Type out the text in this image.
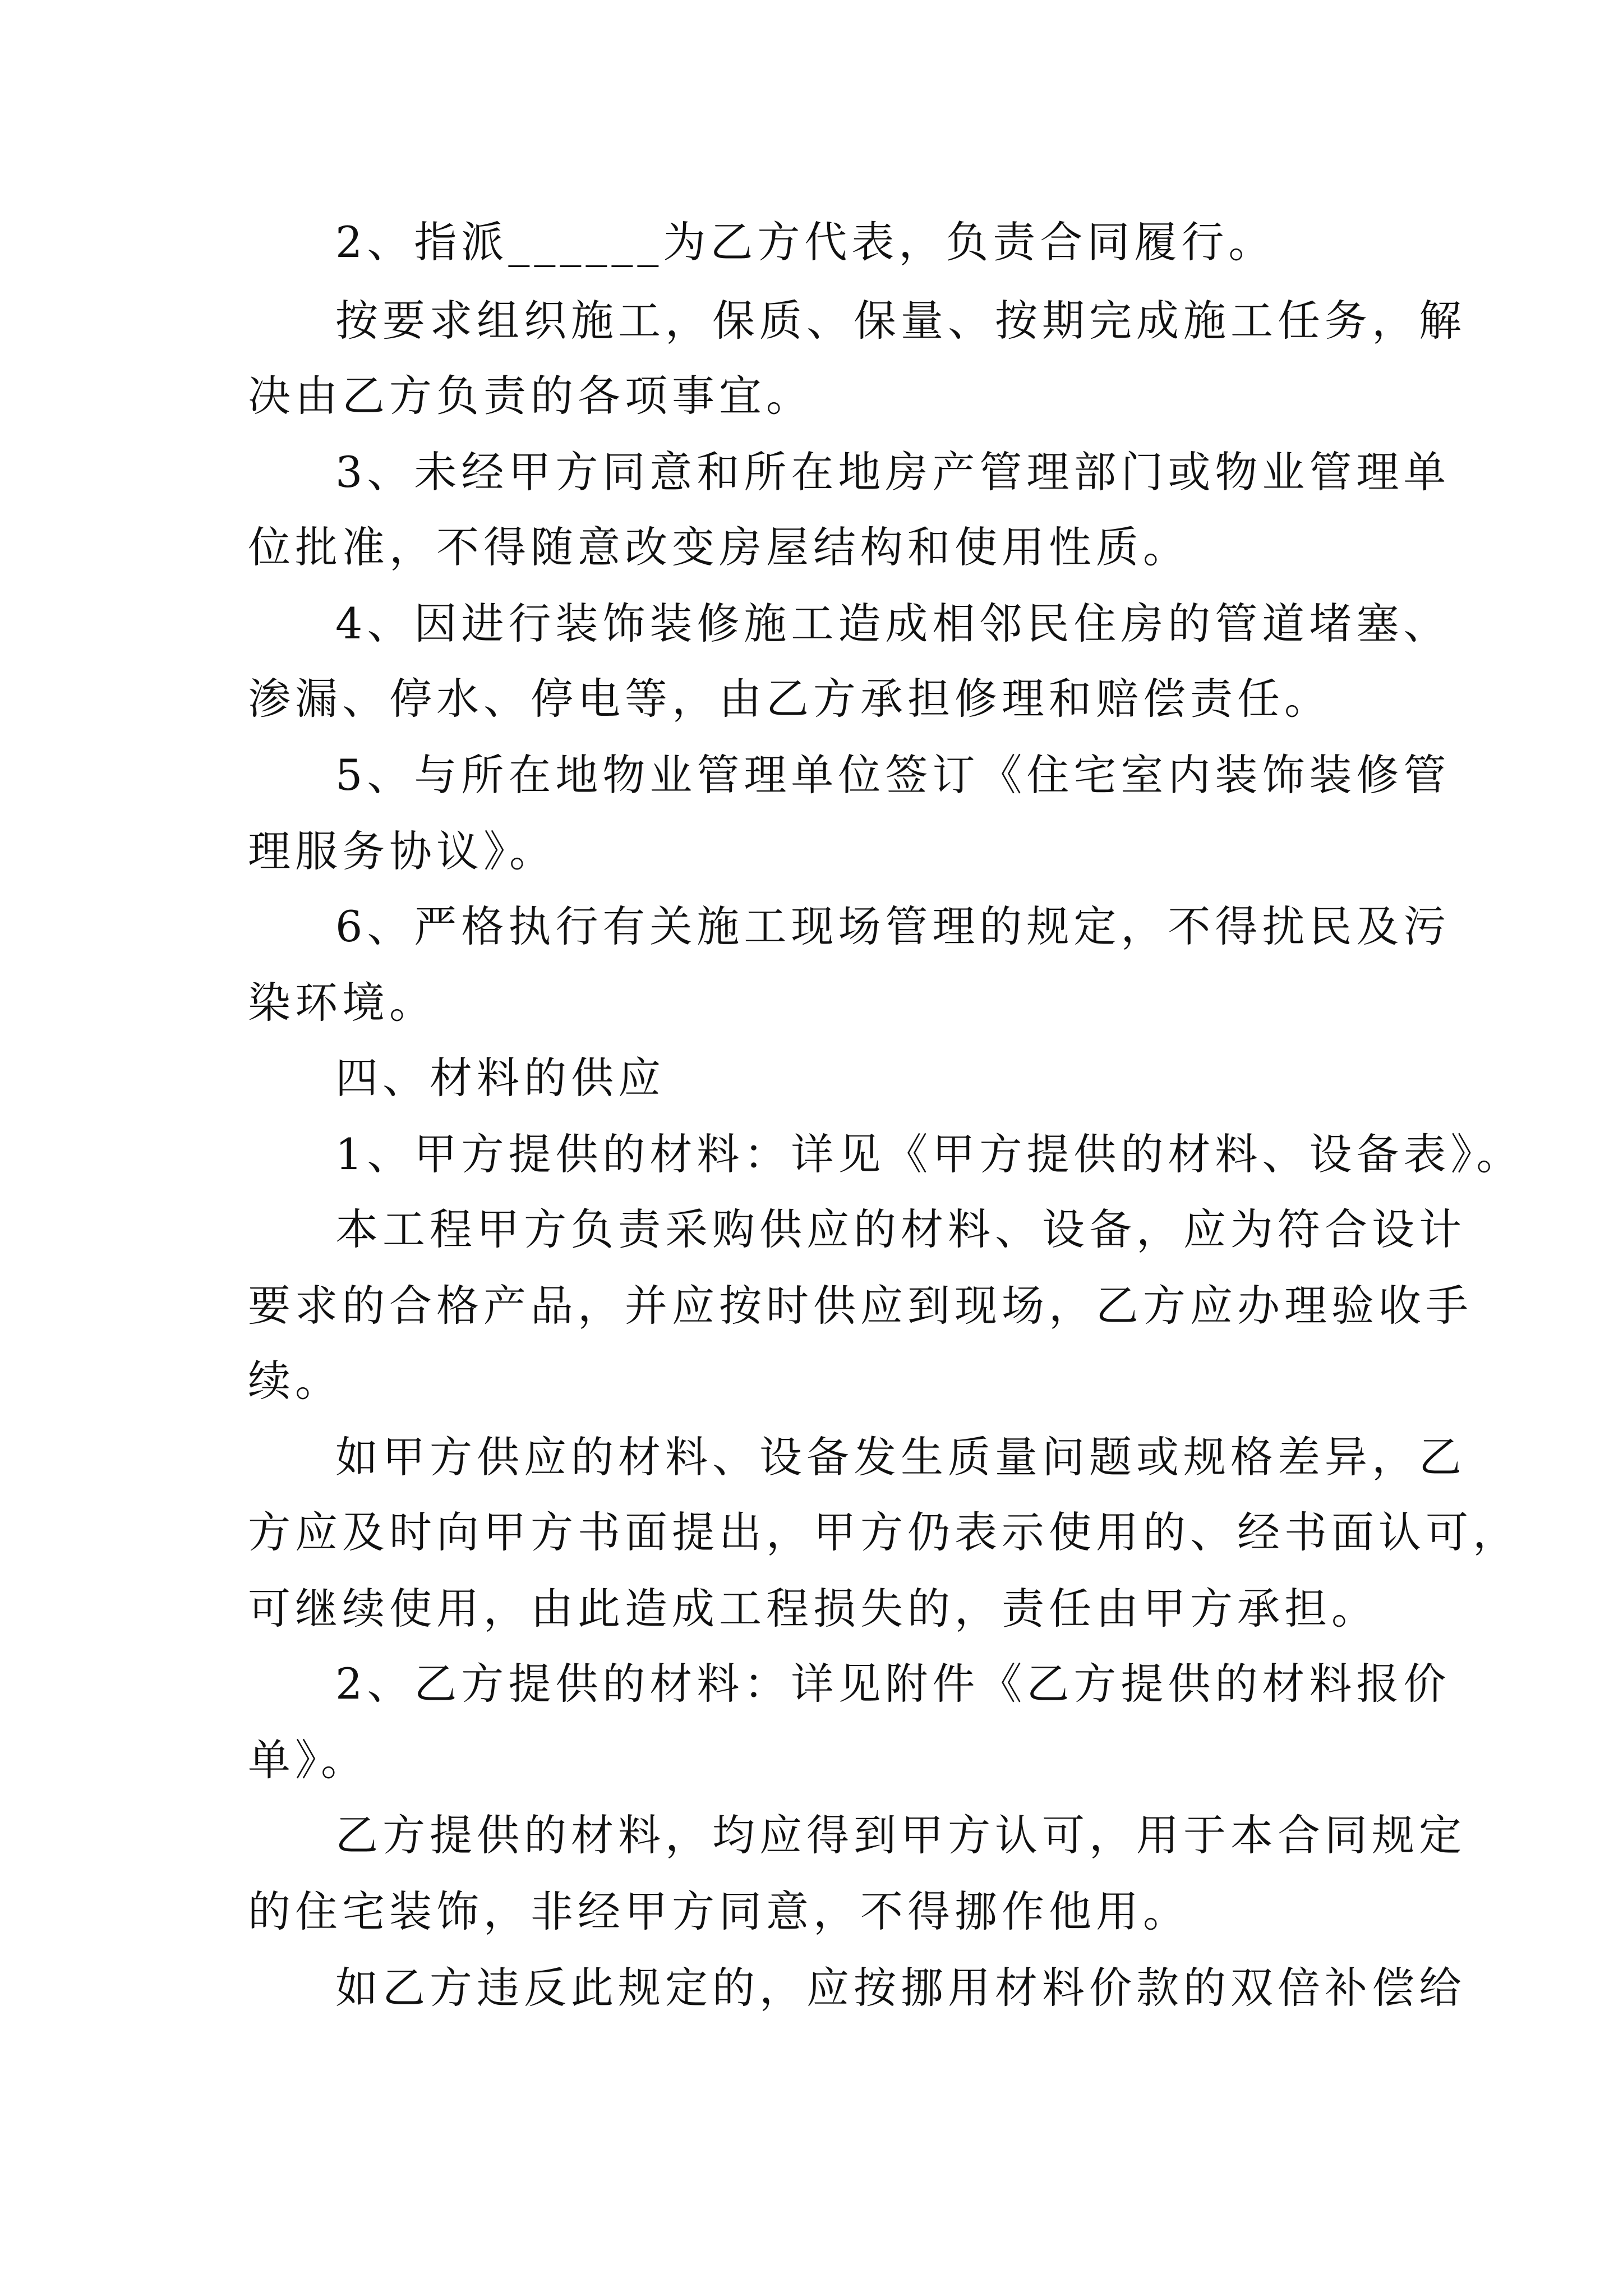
2、指派______为乙方代表，负责合同履行。
按要求组织施工，保质、保量、按期完成施工任务，解
决由乙方负责的各项事宜。
3、未经甲方同意和所在地房产管理部门或物业管理单
位批准，不得随意改变房屋结构和使用性质。
4、因进行装饰装修施工造成相邻民住房的管道堵塞、
渗漏、停水、停电等，由乙方承担修理和赔偿责任。
5、与所在地物业管理单位签订《住宅室内装饰装修管
理服务协议》。
6、严格执行有关施工现场管理的规定，不得扰民及污
染环境。
四、材料的供应
1、甲方提供的材料：详见《甲方提供的材料、设备表》。
本工程甲方负责采购供应的材料、设备，应为符合设计
要求的合格产品，并应按时供应到现场，乙方应办理验收手
续。
如甲方供应的材料、设备发生质量问题或规格差异，乙
方应及时向甲方书面提出，甲方仍表示使用的、经书面认可，
可继续使用，由此造成工程损失的，责任由甲方承担。
2、乙方提供的材料：详见附件《乙方提供的材料报价
单》。
乙方提供的材料，均应得到甲方认可，用于本合同规定
的住宅装饰，非经甲方同意，不得挪作他用。
如乙方违反此规定的，应按挪用材料价款的双倍补偿给
